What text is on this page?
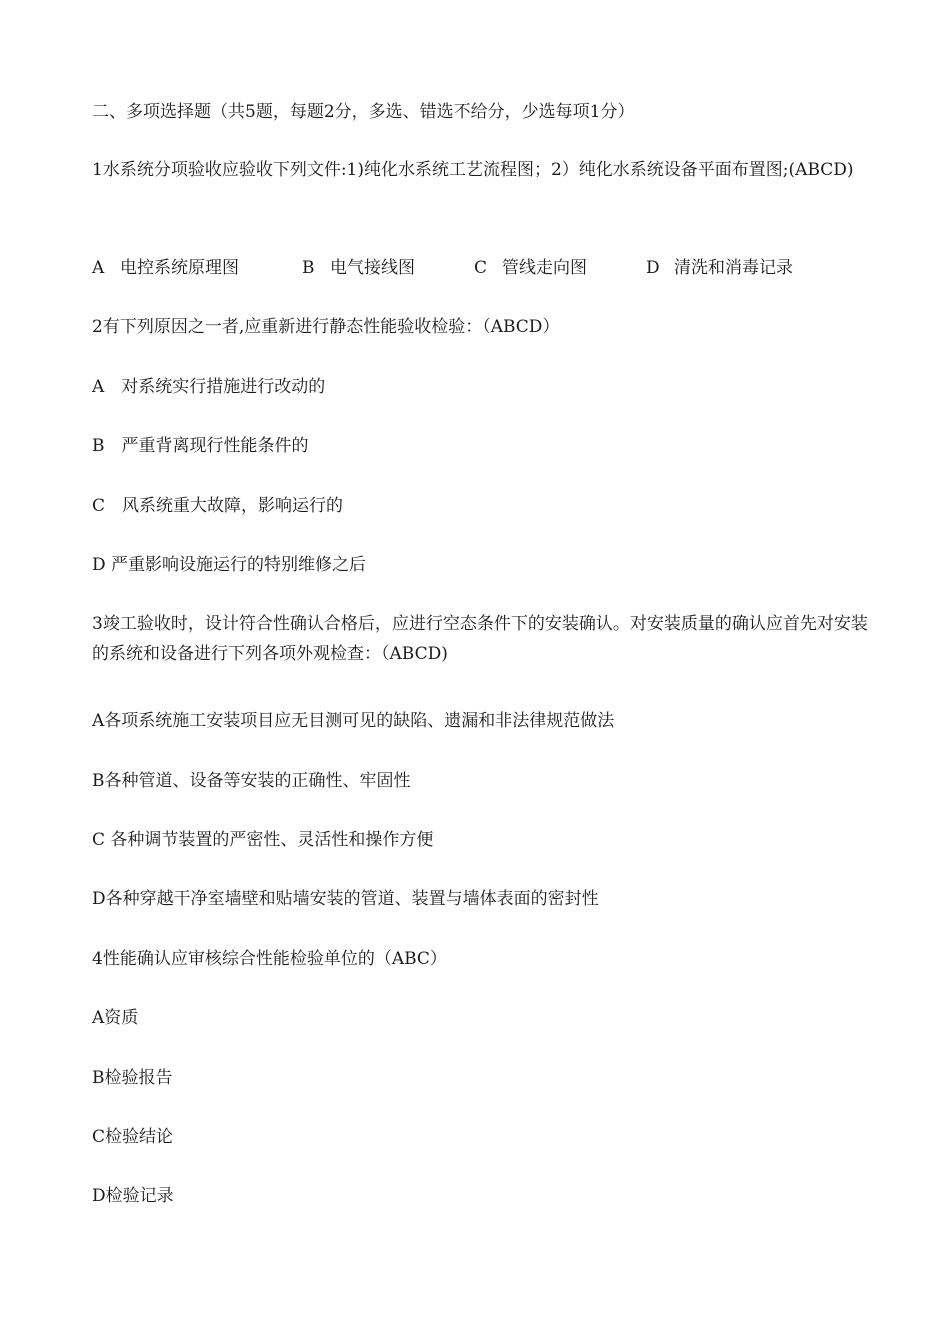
二、多项选择题（共5题，每题2分，多选、错选不给分，少选每项1分）
1水系统分项验收应验收下列文件:1)纯化水系统工艺流程图；2）纯化水系统设备平面布置图;(ABCD)
A 电控系统原理图	B 电气接线图	C 管线走向图	D 清洗和消毒记录
2有下列原因之一者,应重新进行静态性能验收检验：（ABCD）
A　对系统实行措施进行改动的
B　严重背离现行性能条件的
C　风系统重大故障，影响运行的
D 严重影响设施运行的特别维修之后
3竣工验收时，设计符合性确认合格后，应进行空态条件下的安装确认。对安装质量的确认应首先对安装的系统和设备进行下列各项外观检查：（ABCD)
A各项系统施工安装项目应无目测可见的缺陷、遗漏和非法律规范做法
B各种管道、设备等安装的正确性、牢固性
C 各种调节装置的严密性、灵活性和操作方便
D各种穿越干净室墙壁和贴墙安装的管道、装置与墙体表面的密封性
4性能确认应审核综合性能检验单位的（ABC）
A资质
B检验报告
C检验结论
D检验记录
